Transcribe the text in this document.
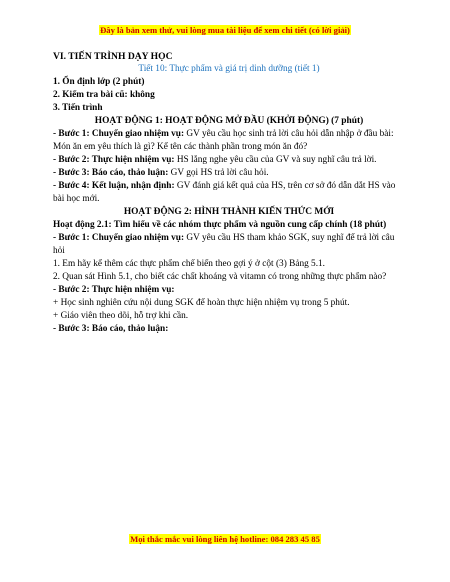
Đây là bản xem thử, vui lòng mua tài liệu để xem chi tiết (có lời giải)

VI. TIẾN TRÌNH DẠY HỌC

Tiết 10: Thực phẩm và giá trị dinh dưỡng (tiết 1)

1. Ổn định lớp (2 phút)

2. Kiểm tra bài cũ: không

3. Tiến trình

HOẠT ĐỘNG 1: HOẠT ĐỘNG MỞ ĐẦU (KHỞI ĐỘNG) (7 phút)

- Bước 1: Chuyển giao nhiệm vụ: GV yêu cầu học sinh trả lời câu hỏi dẫn nhập ở đầu bài: Món ăn em yêu thích là gì? Kể tên các thành phần trong món ăn đó?

- Bước 2: Thực hiện nhiệm vụ: HS lắng nghe yêu cầu của GV và suy nghĩ câu trả lời.

- Bước 3: Báo cáo, thảo luận: GV gọi HS trả lời câu hỏi.

- Bước 4: Kết luận, nhận định: GV đánh giá kết quả của HS, trên cơ sở đó dẫn dắt HS vào bài học mới.

HOẠT ĐỘNG 2: HÌNH THÀNH KIẾN THỨC MỚI

Hoạt động 2.1: Tìm hiểu về các nhóm thực phẩm và nguồn cung cấp chính (18 phút)

- Bước 1: Chuyển giao nhiệm vụ: GV yêu cầu HS tham khảo SGK, suy nghĩ để trả lời câu hỏi

1. Em hãy kể thêm các thực phẩm chế biến theo gợi ý ở cột (3) Bảng 5.1.

2. Quan sát Hình 5.1, cho biết các chất khoáng và vitamn có trong những thực phẩm nào?

- Bước 2: Thực hiện nhiệm vụ:

+ Học sinh nghiên cứu nội dung SGK để hoàn thực hiện nhiệm vụ trong 5 phút.

+ Giáo viên theo dõi, hỗ trợ khi cần.

- Bước 3: Báo cáo, thảo luận:

Mọi thắc mắc vui lòng liên hệ hotline: 084 283 45 85
